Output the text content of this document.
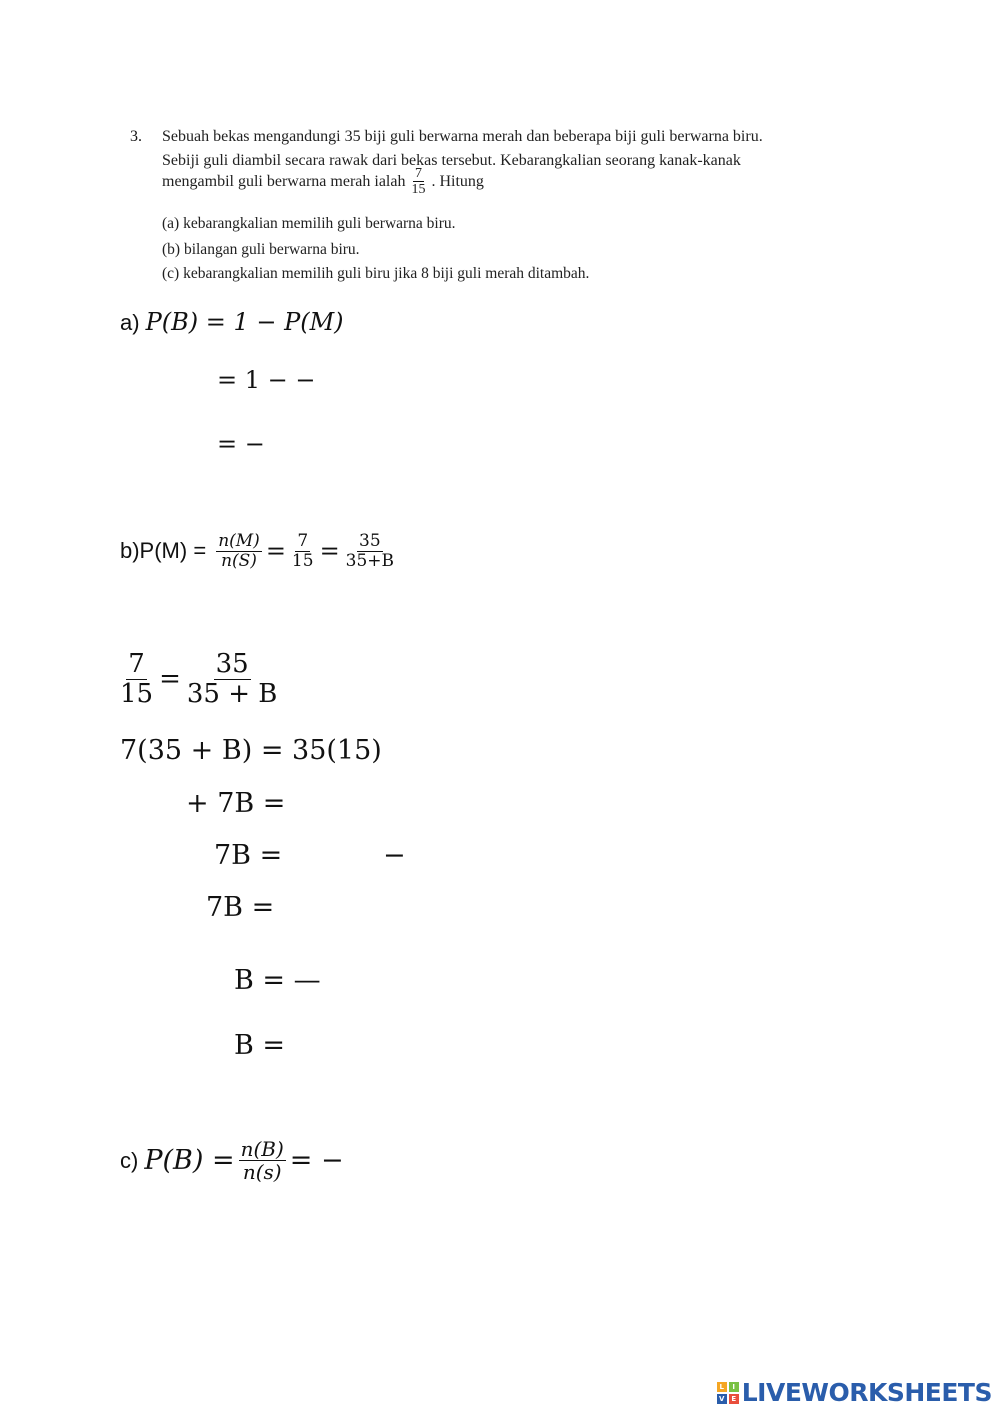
3. Sebuah bekas mengandungi 35 biji guli berwarna merah dan beberapa biji guli berwarna biru.
Sebiji guli diambil secara rawak dari bekas tersebut. Kebarangkalian seorang kanak-kanak
mengambil guli berwarna merah ialah $\frac{7}{15}$ . Hitung
(a) kebarangkalian memilih guli berwarna biru.
(b) bilangan guli berwarna biru.
(c) kebarangkalian memilih guli biru jika 8 biji guli merah ditambah.
a) P(B) = 1 − P(M)
= 1 − −
= −
$b)P(M) = \frac{n(M)}{n(S)} = \frac{7}{15} = \frac{35}{35+B}$
$\frac{7}{15} = \frac{35}{35 + B}$
7(35 + B) = 35(15)
+ 7B =
7B =	−
7B =
B = —
B =
c) $P(B) = \frac{n(B)}{n(s)}$ = −
L	I
V E LIVEWORKSHEETS
